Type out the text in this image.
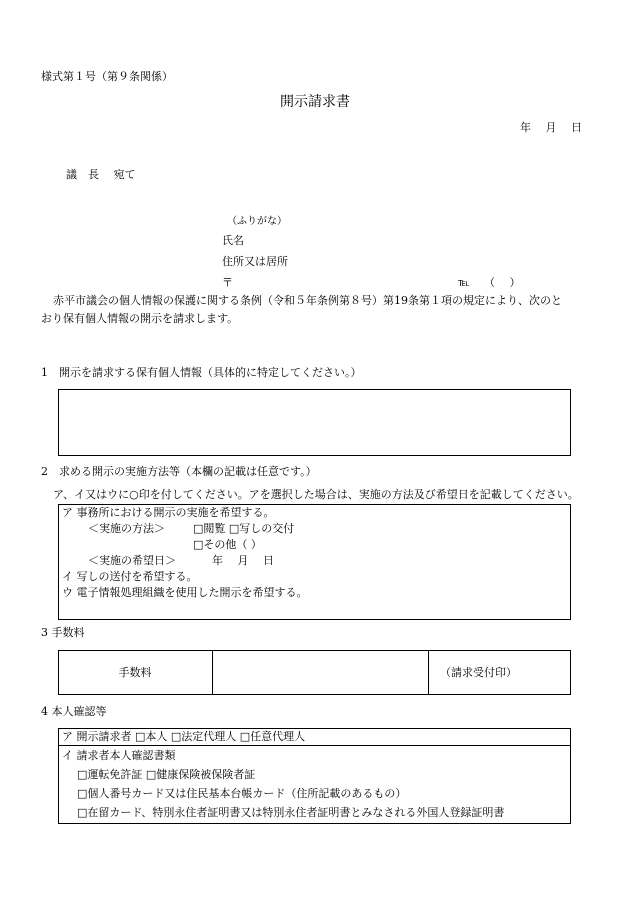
様式第１号（第９条関係）
開示請求書
年　 月　 日
議　長　 宛て
（ふりがな）
氏名
住所又は居所
〒	℡ （　 ）
赤平市議会の個人情報の保護に関する条例（令和５年条例第８号）第19条第１項の規定により、次のと
おり保有個人情報の開示を請求します。
1　開示を請求する保有個人情報（具体的に特定してください。）
2　求める開示の実施方法等（本欄の記載は任意です。）
ア、イ又はウに○印を付してください。アを選択した場合は、実施の方法及び希望日を記載してください。
ア 事務所における開示の実施を希望する。
＜実施の方法＞	□閲覧 □写しの交付
□その他（ ）
＜実施の希望日＞	年　 月　 日
イ 写しの送付を希望する。
ウ 電子情報処理組織を使用した開示を希望する。
3 手数料
手数料	（請求受付印）
4 本人確認等
ア 開示請求者 □本人 □法定代理人 □任意代理人
イ 請求者本人確認書類
□運転免許証 □健康保険被保険者証
□個人番号カード又は住民基本台帳カード（住所記載のあるもの）
□在留カード、特別永住者証明書又は特別永住者証明書とみなされる外国人登録証明書
